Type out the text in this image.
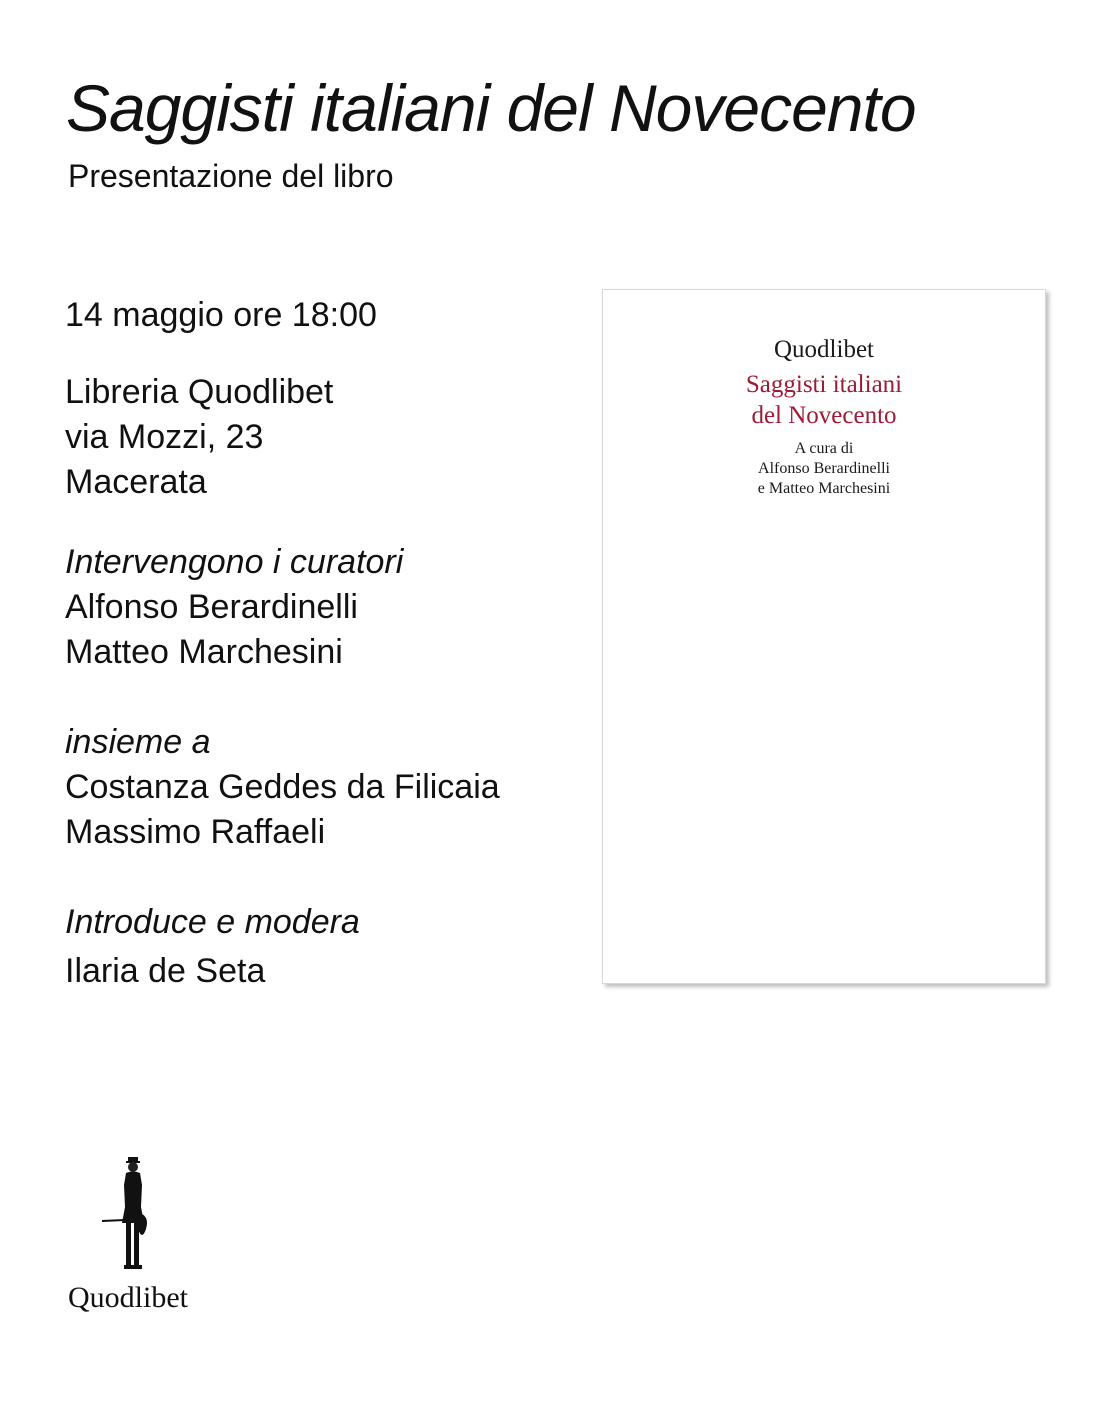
Saggisti italiani del Novecento
Presentazione del libro
14 maggio ore 18:00
Libreria Quodlibet
via Mozzi, 23
Macerata
Intervengono i curatori
Alfonso Berardinelli
Matteo Marchesini
insieme a
Costanza Geddes da Filicaia
Massimo Raffaeli
Introduce e modera
Ilaria de Seta
Quodlibet
Saggisti italiani
del Novecento
A cura di
Alfonso Berardinelli
e Matteo Marchesini
Quodlibet
